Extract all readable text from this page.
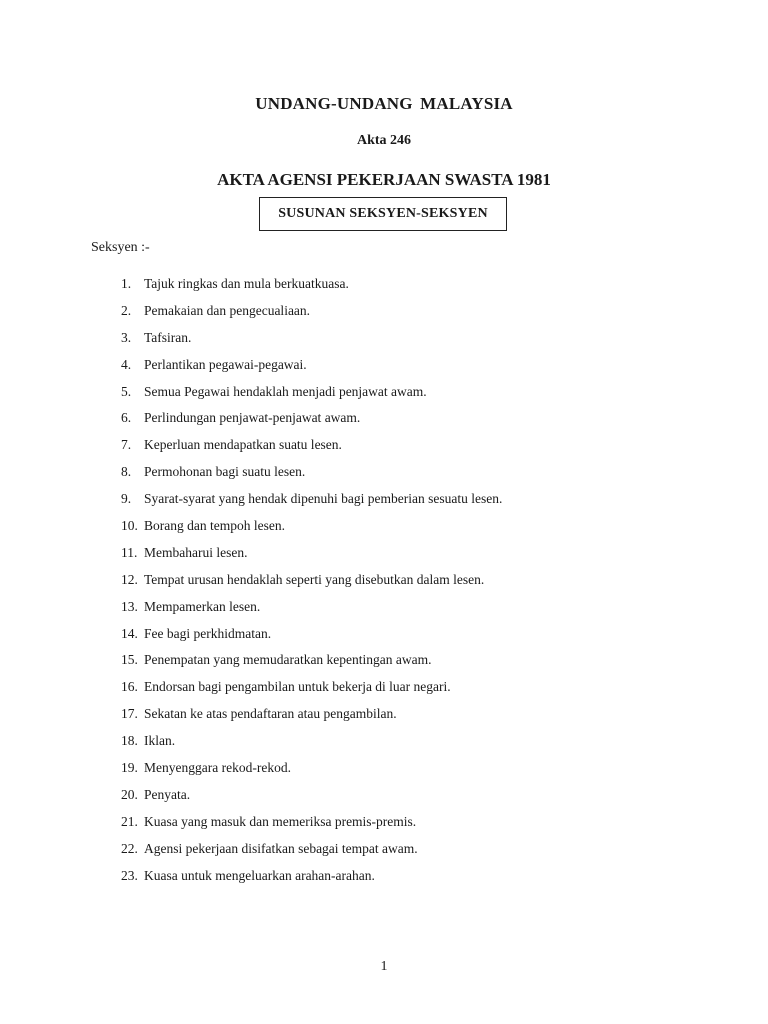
UNDANG-UNDANG MALAYSIA
Akta 246
AKTA AGENSI PEKERJAAN SWASTA 1981
SUSUNAN SEKSYEN-SEKSYEN
Seksyen :-
1. Tajuk ringkas dan mula berkuatkuasa.
2. Pemakaian dan pengecualiaan.
3. Tafsiran.
4. Perlantikan pegawai-pegawai.
5. Semua Pegawai hendaklah menjadi penjawat awam.
6. Perlindungan penjawat-penjawat awam.
7. Keperluan mendapatkan suatu lesen.
8. Permohonan bagi suatu lesen.
9. Syarat-syarat yang hendak dipenuhi bagi pemberian sesuatu lesen.
10. Borang dan tempoh lesen.
11. Membaharui lesen.
12. Tempat urusan hendaklah seperti yang disebutkan dalam lesen.
13. Mempamerkan lesen.
14. Fee bagi perkhidmatan.
15. Penempatan yang memudaratkan kepentingan awam.
16. Endorsan bagi pengambilan untuk bekerja di luar negari.
17. Sekatan ke atas pendaftaran atau pengambilan.
18. Iklan.
19. Menyenggara rekod-rekod.
20. Penyata.
21. Kuasa yang masuk dan memeriksa premis-premis.
22. Agensi pekerjaan disifatkan sebagai tempat awam.
23. Kuasa untuk mengeluarkan arahan-arahan.
1
